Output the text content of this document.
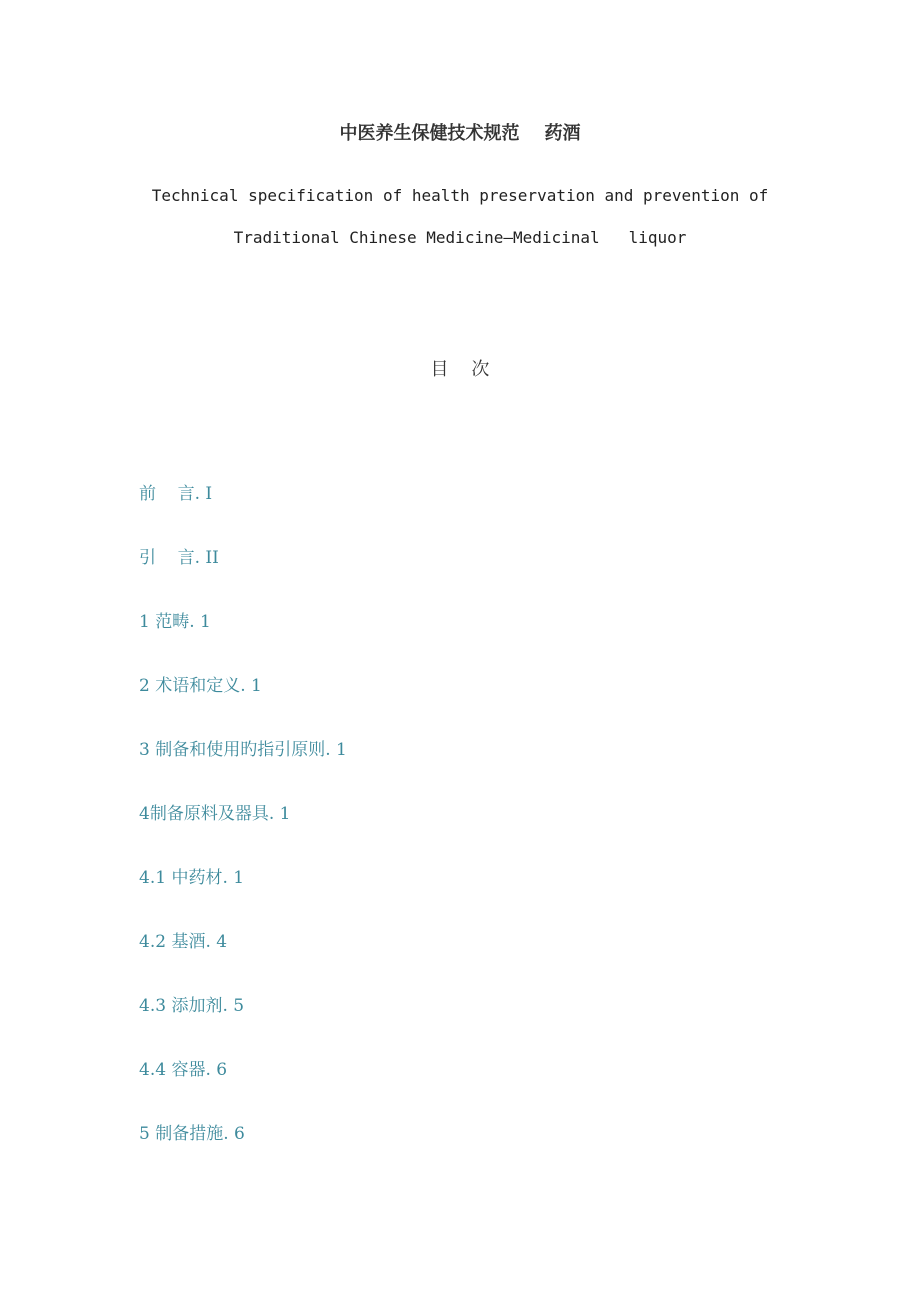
中医养生保健技术规范    药酒
Technical specification of health preservation and prevention of
Traditional Chinese Medicine—Medicinal   liquor
目    次
前    言. I
引    言. II
1 范畴. 1
2 术语和定义. 1
3 制备和使用旳指引原则. 1
4制备原料及器具. 1
4.1 中药材. 1
4.2 基酒. 4
4.3 添加剂. 5
4.4 容器. 6
5 制备措施. 6
